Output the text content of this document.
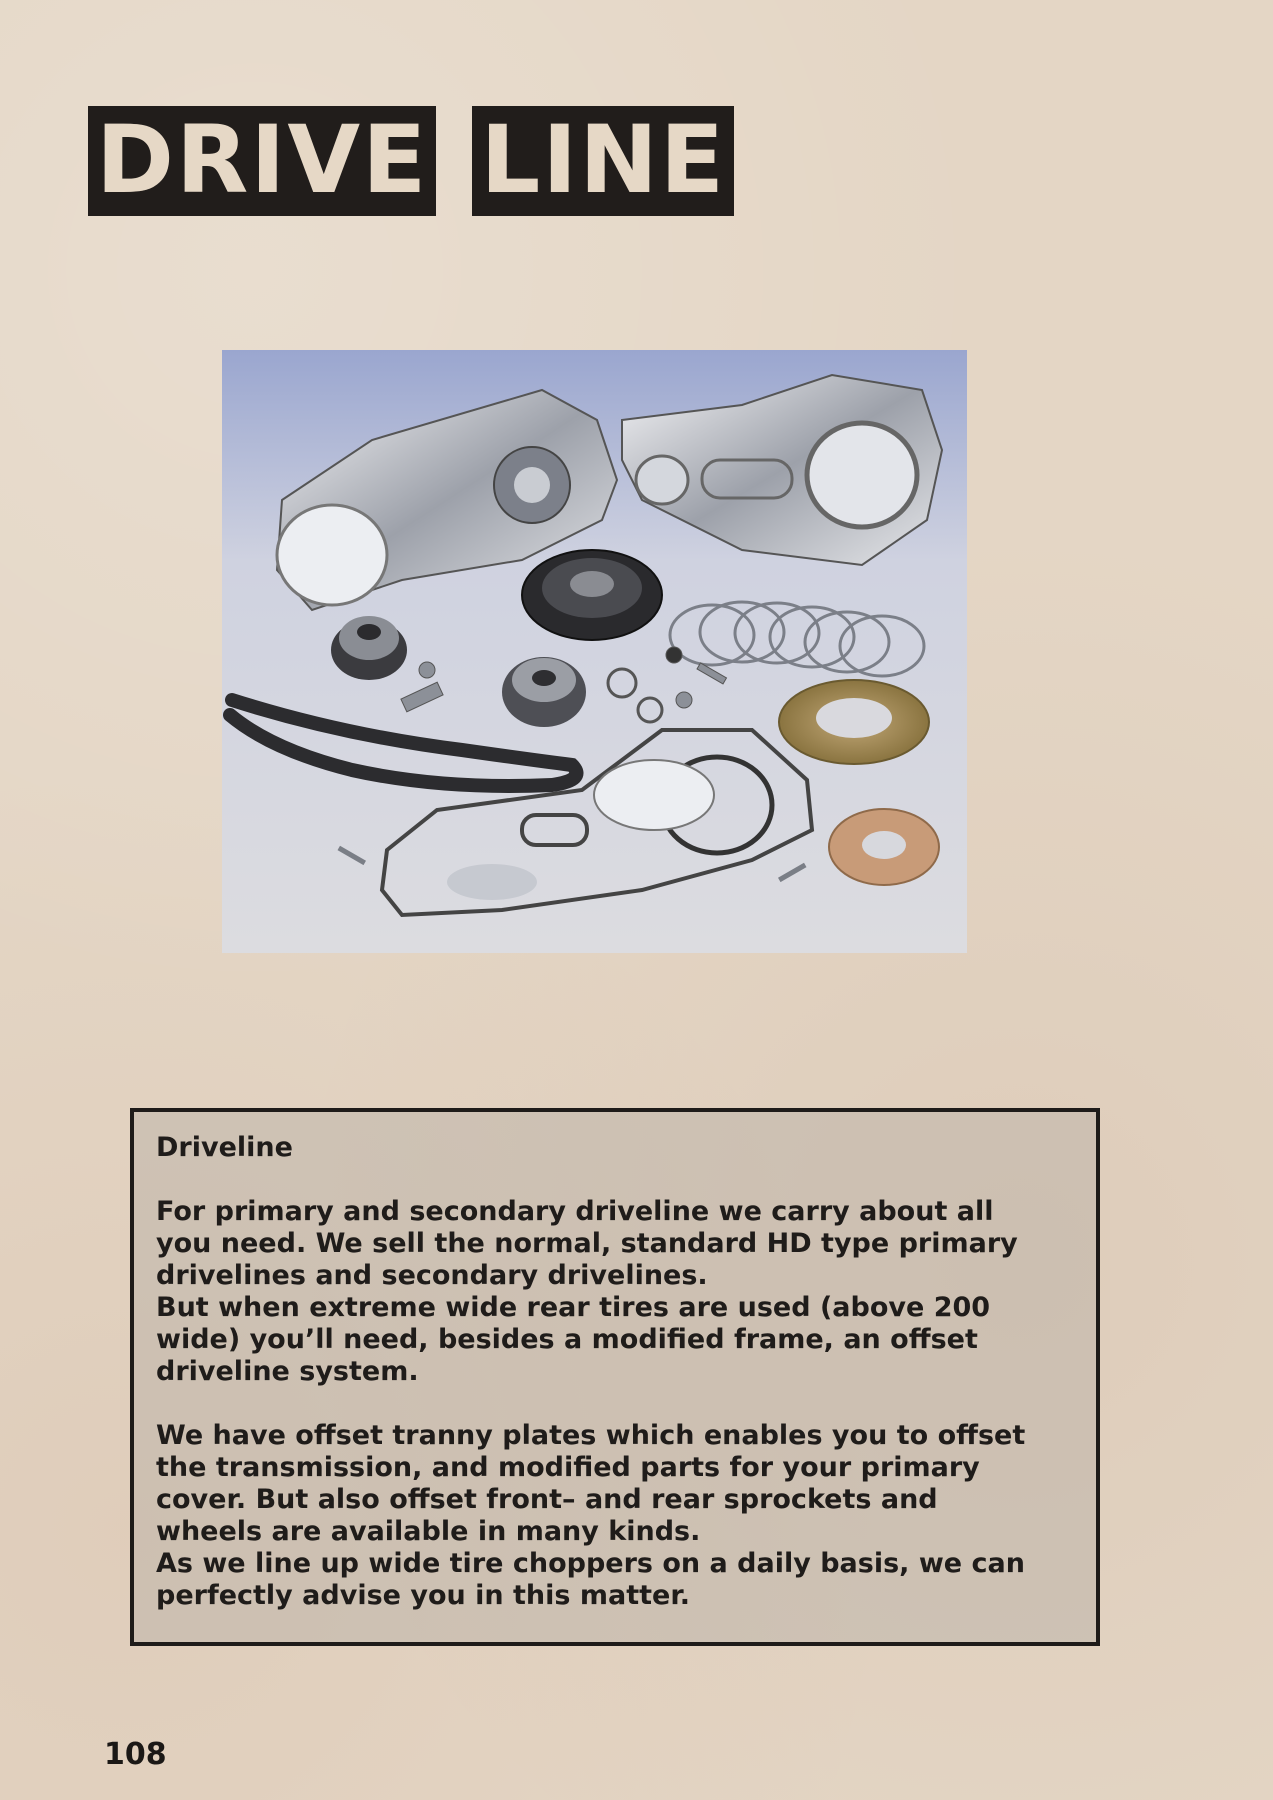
DRIVE LINE

Driveline

For primary and secondary driveline we carry about all

you need. We sell the normal, standard HD type primary

drivelines and secondary drivelines.

But when extreme wide rear tires are used (above 200

wide) you’ll need, besides a modified frame, an offset

driveline system.

We have offset tranny plates which enables you to offset

the transmission, and modified parts for your primary

cover. But also offset front– and rear sprockets and

wheels are available in many kinds.

As we line up wide tire choppers on a daily basis, we can

perfectly advise you in this matter.

108
